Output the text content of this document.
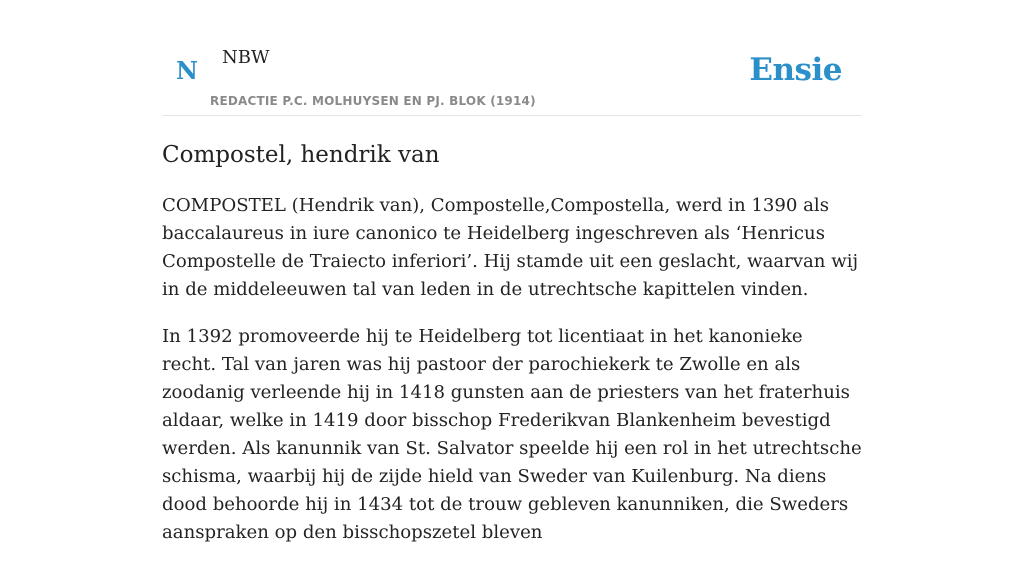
N NBW
REDACTIE P.C. MOLHUYSEN EN PJ. BLOK (1914)
Ensie
Compostel, hendrik van

COMPOSTEL (Hendrik van), Compostelle,Compostella, werd in 1390 als baccalaureus in iure canonico te Heidelberg ingeschreven als ‘Henricus Compostelle de Traiecto inferiori’. Hij stamde uit een geslacht, waarvan wij in de middeleeuwen tal van leden in de utrechtsche kapittelen vinden.

In 1392 promoveerde hij te Heidelberg tot licentiaat in het kanonieke recht. Tal van jaren was hij pastoor der parochiekerk te Zwolle en als zoodanig verleende hij in 1418 gunsten aan de priesters van het fraterhuis aldaar, welke in 1419 door bisschop Frederikvan Blankenheim bevestigd werden. Als kanunnik van St. Salvator speelde hij een rol in het utrechtsche schisma, waarbij hij de zijde hield van Sweder van Kuilenburg. Na diens dood behoorde hij in 1434 tot de trouw gebleven kanunniken, die Sweders aanspraken op den bisschopszetel bleven
